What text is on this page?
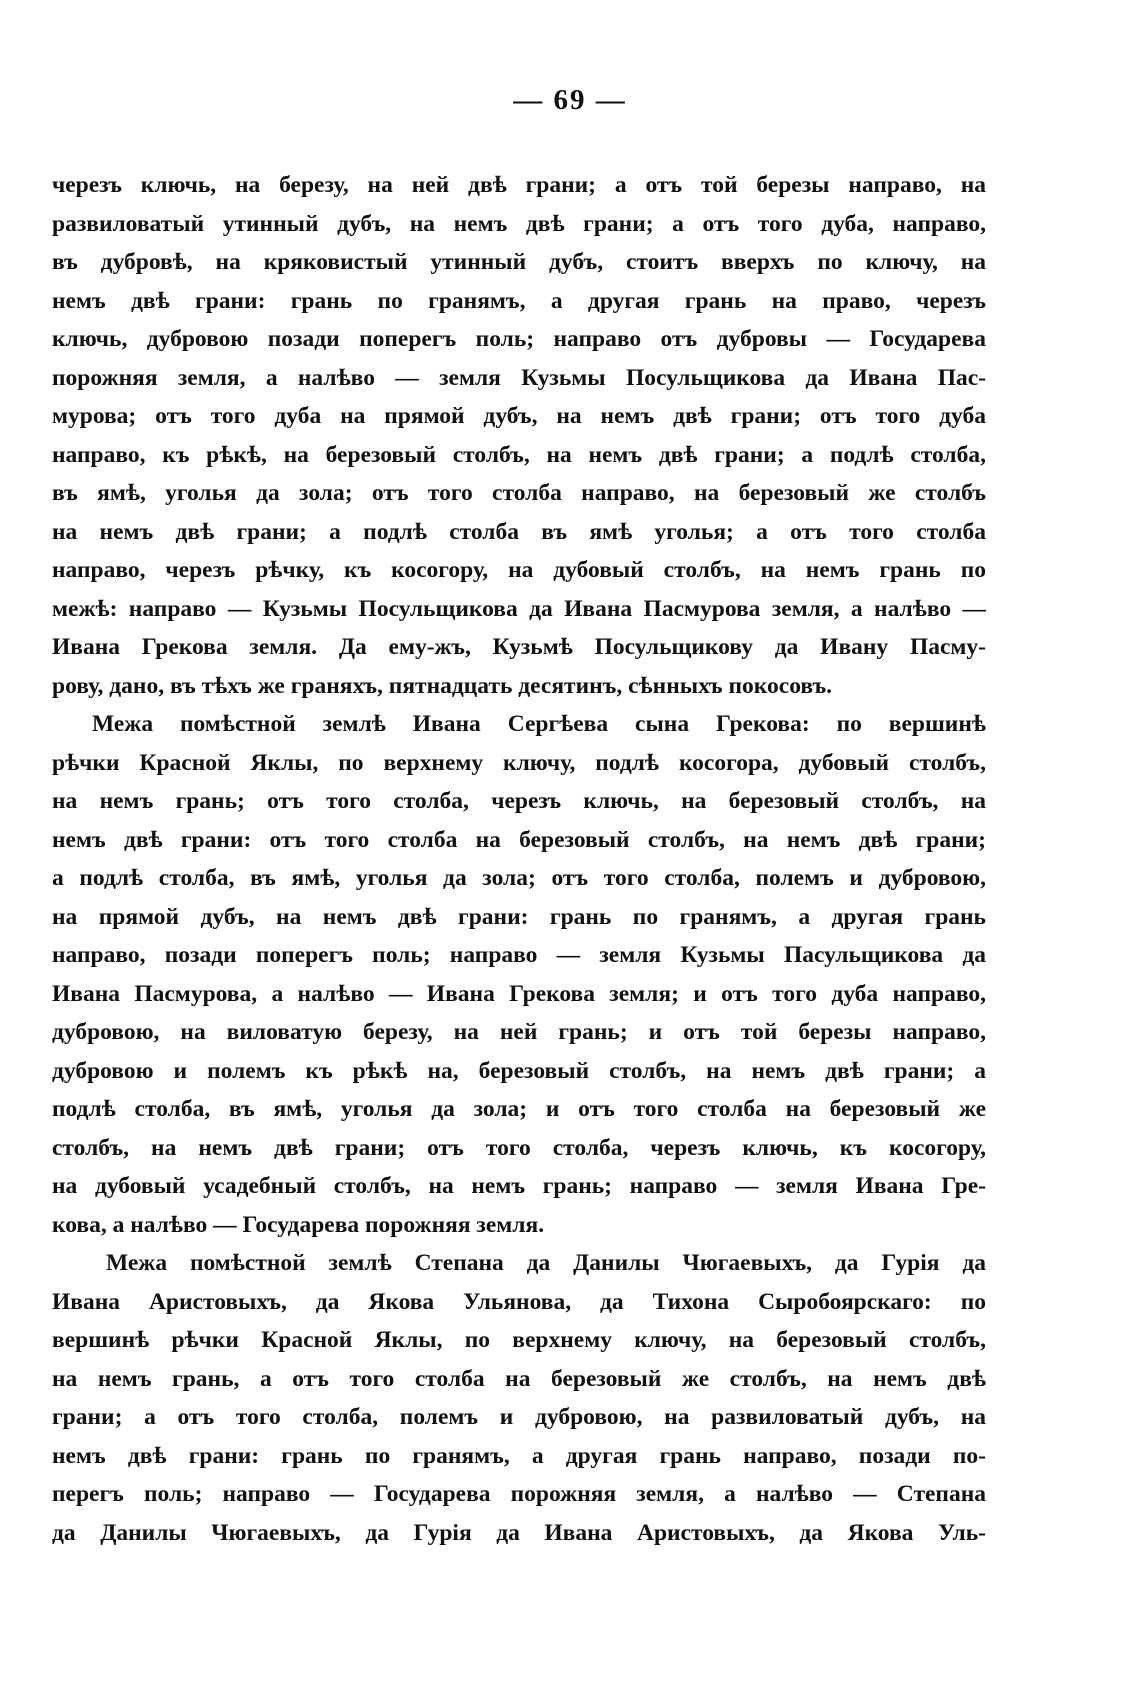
— 69 —
черезъ ключь, на березу, на ней двѣ грани; а отъ той березы направо, на
развиловатый утинный дубъ, на немъ двѣ грани; а отъ того дуба, направо,
въ дубровѣ, на кряковистый утинный дубъ, стоитъ вверхъ по ключу, на
немъ двѣ грани: грань по гранямъ, а другая грань на право, черезъ
ключь, дубровою позади поперегъ поль; направо отъ дубровы — Государева
порожняя земля, а налѣво — земля Кузьмы Посульщикова да Ивана Пас-
мурова; отъ того дуба на прямой дубъ, на немъ двѣ грани; отъ того дуба
направо, къ рѣкѣ, на березовый столбъ, на немъ двѣ грани; а подлѣ столба,
въ ямѣ, уголья да зола; отъ того столба направо, на березовый же столбъ
на немъ двѣ грани; а подлѣ столба въ ямѣ уголья; а отъ того столба
направо, черезъ рѣчку, къ косогору, на дубовый столбъ, на немъ грань по
межѣ: направо — Кузьмы Посульщикова да Ивана Пасмурова земля, а налѣво —
Ивана Грекова земля. Да ему-жъ, Кузьмѣ Посульщикову да Ивану Пасму-
рову, дано, въ тѣхъ же граняхъ, пятнадцать десятинъ, сѣнныхъ покосовъ.
Межа помѣстной землѣ Ивана Сергѣева сына Грекова: по вершинѣ
рѣчки Красной Яклы, по верхнему ключу, подлѣ косогора, дубовый столбъ,
на немъ грань; отъ того столба, черезъ ключь, на березовый столбъ, на
немъ двѣ грани: отъ того столба на березовый столбъ, на немъ двѣ грани;
а подлѣ столба, въ ямѣ, уголья да зола; отъ того столба, полемъ и дубровою,
на прямой дубъ, на немъ двѣ грани: грань по гранямъ, а другая грань
направо, позади поперегъ поль; направо — земля Кузьмы Пасульщикова да
Ивана Пасмурова, а налѣво — Ивана Грекова земля; и отъ того дуба направо,
дубровою, на виловатую березу, на ней грань; и отъ той березы направо,
дубровою и полемъ къ рѣкѣ на, березовый столбъ, на немъ двѣ грани; а
подлѣ столба, въ ямѣ, уголья да зола; и отъ того столба на березовый же
столбъ, на немъ двѣ грани; отъ того столба, черезъ ключь, къ косогору,
на дубовый усадебный столбъ, на немъ грань; направо — земля Ивана Гре-
кова, а налѣво — Государева порожняя земля.
Межа помѣстной землѣ Степана да Данилы Чюгаевыхъ, да Гурія да
Ивана Аристовыхъ, да Якова Ульянова, да Тихона Сыробоярскаго: по
вершинѣ рѣчки Красной Яклы, по верхнему ключу, на березовый столбъ,
на немъ грань, а отъ того столба на березовый же столбъ, на немъ двѣ
грани; а отъ того столба, полемъ и дубровою, на развиловатый дубъ, на
немъ двѣ грани: грань по гранямъ, а другая грань направо, позади по-
перегъ поль; направо — Государева порожняя земля, а налѣво — Степана
да Данилы Чюгаевыхъ, да Гурія да Ивана Аристовыхъ, да Якова Уль-
